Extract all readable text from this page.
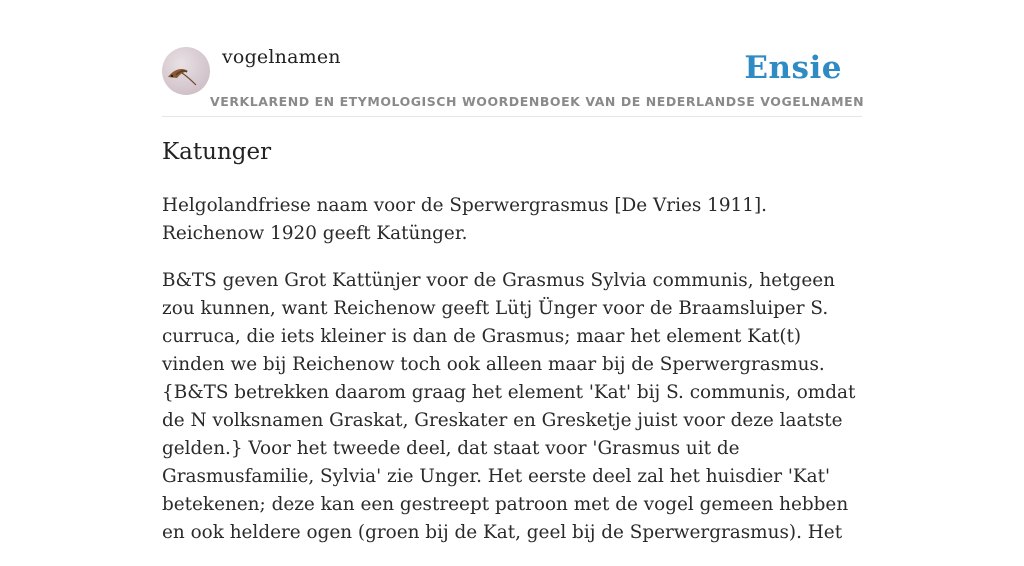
vogelnamen	Ensie
VERKLAREND EN ETYMOLOGISCH WOORDENBOEK VAN DE NEDERLANDSE VOGELNAMEN
Katunger

Helgolandfriese naam voor de Sperwergrasmus [De Vries 1911]. Reichenow 1920 geeft Katünger.

B&TS geven Grot Kattünjer voor de Grasmus Sylvia communis, hetgeen zou kunnen, want Reichenow geeft Lütj Ünger voor de Braamsluiper S. curruca, die iets kleiner is dan de Grasmus; maar het element Kat(t) vinden we bij Reichenow toch ook alleen maar bij de Sperwergrasmus. {B&TS betrekken daarom graag het element 'Kat' bij S. communis, omdat de N volksnamen Graskat, Greskater en Gresketje juist voor deze laatste gelden.} Voor het tweede deel, dat staat voor 'Grasmus uit de Grasmusfamilie, Sylvia' zie Unger. Het eerste deel zal het huisdier 'Kat' betekenen; deze kan een gestreept patroon met de vogel gemeen hebben en ook heldere ogen (groen bij de Kat, geel bij de Sperwergrasmus). Het
